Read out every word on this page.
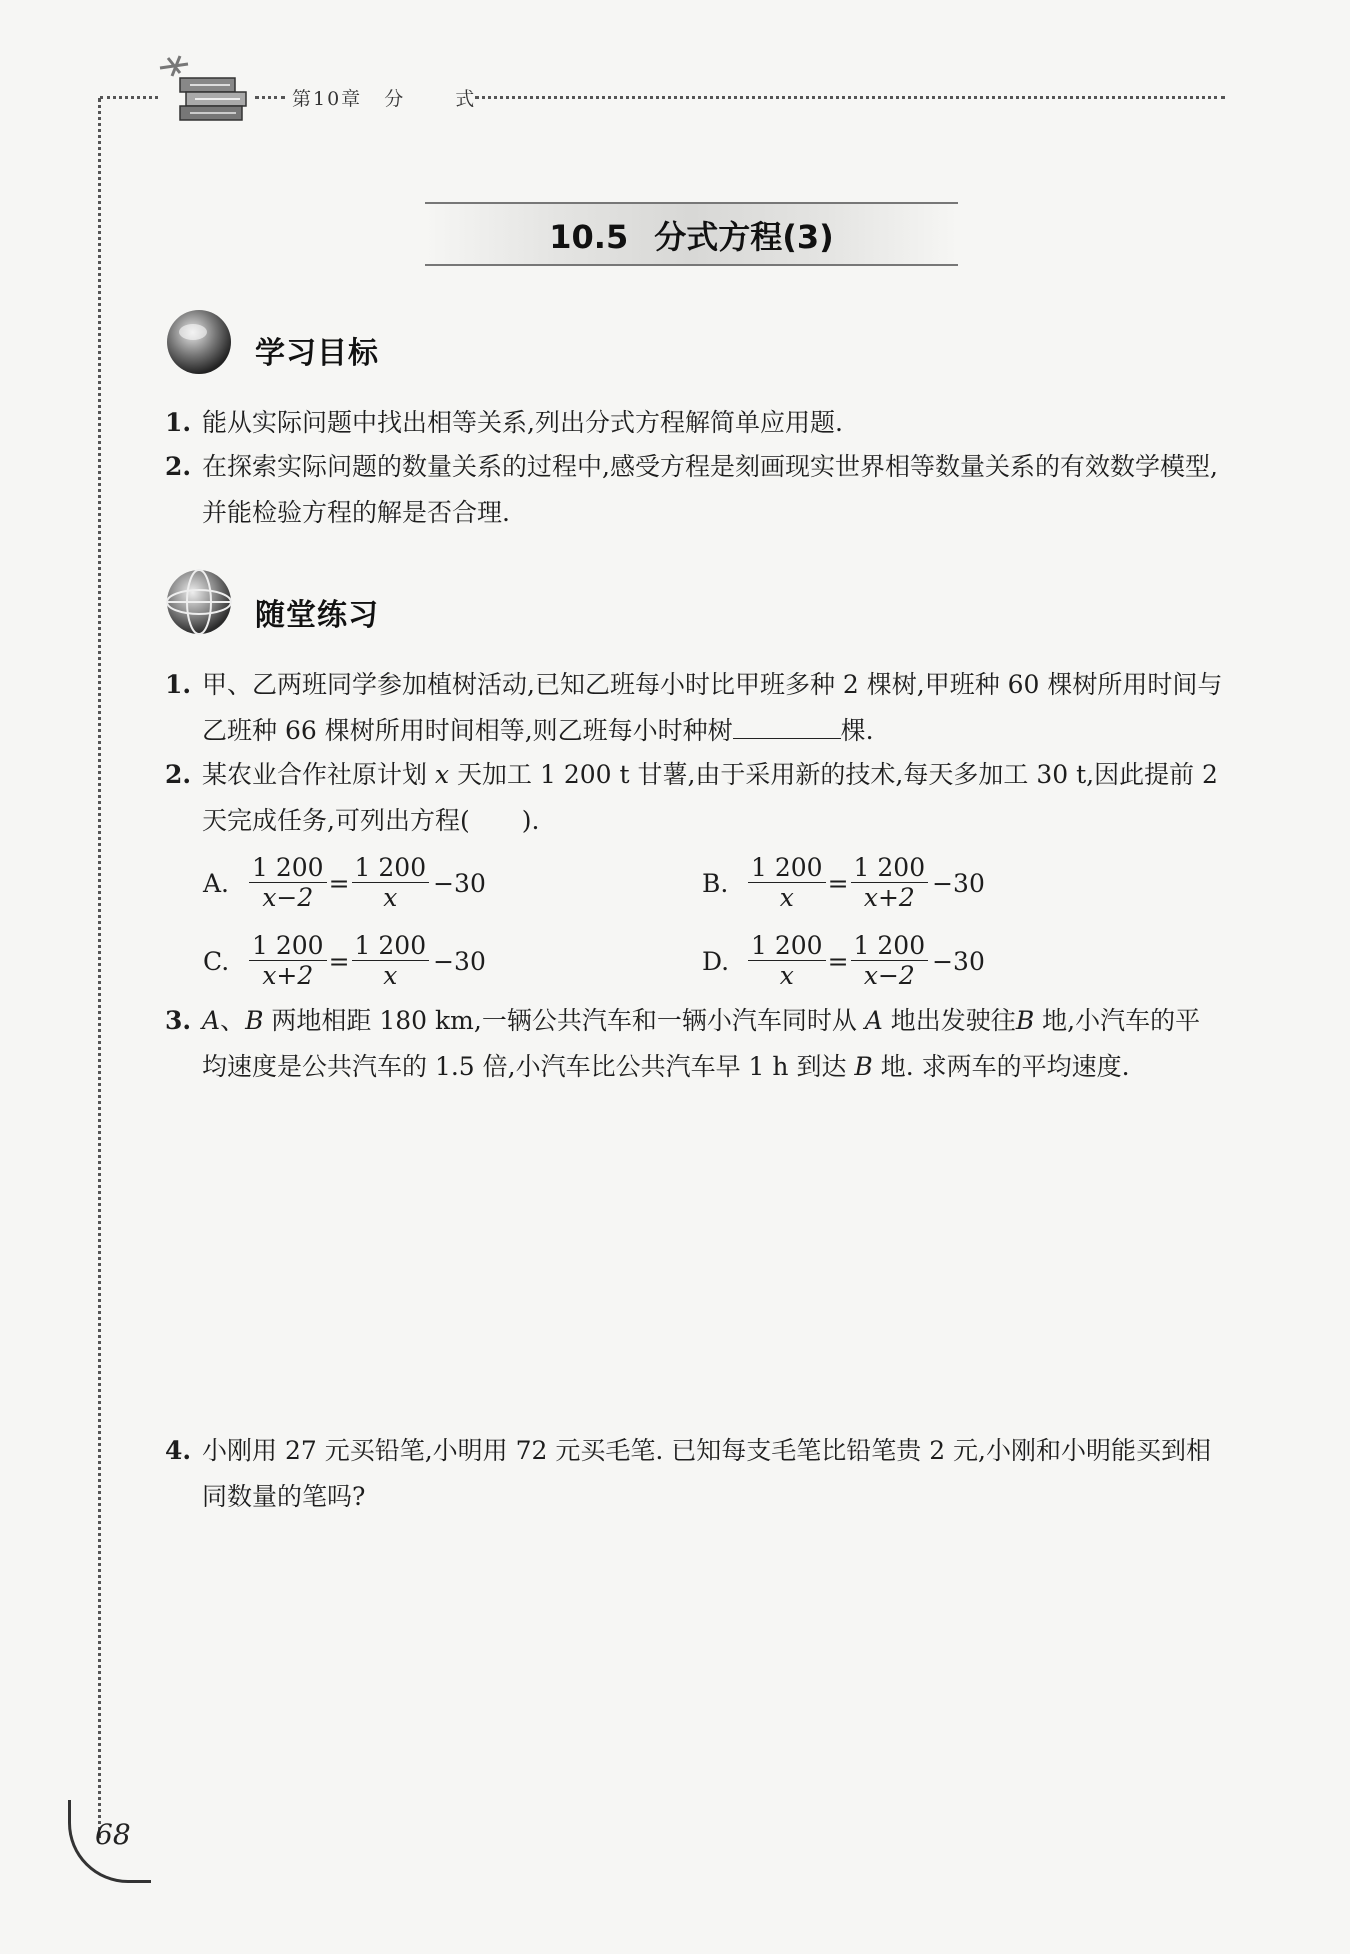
第10章 分	式
10.5 分式方程(3)
学习目标
1. 能从实际问题中找出相等关系,列出分式方程解简单应用题.
2. 在探索实际问题的数量关系的过程中,感受方程是刻画现实世界相等数量关系的有效数学模型,并能检验方程的解是否合理.
随堂练习
1. 甲、乙两班同学参加植树活动,已知乙班每小时比甲班多种 2 棵树,甲班种 60 棵树所用时间与乙班种 66 棵树所用时间相等,则乙班每小时种树	棵.
2. 某农业合作社原计划 x 天加工 1 200 t 甘薯,由于采用新的技术,每天多加工 30 t,因此提前 2 天完成任务,可列出方程( ).
A. $\frac{1 200}{x-2} = \frac{1 200}{x} -30$	B. $\frac{1 200}{x} = \frac{1 200}{x+2} -30$
C. $\frac{1 200}{x+2} = \frac{1 200}{x} -30$	D. $\frac{1 200}{x} = \frac{1 200}{x-2} -30$
3. A、B 两地相距 180 km,一辆公共汽车和一辆小汽车同时从 A 地出发驶往B 地,小汽车的平均速度是公共汽车的 1.5 倍,小汽车比公共汽车早 1 h 到达 B 地. 求两车的平均速度.
4. 小刚用 27 元买铅笔,小明用 72 元买毛笔. 已知每支毛笔比铅笔贵 2 元,小刚和小明能买到相同数量的笔吗?
68
